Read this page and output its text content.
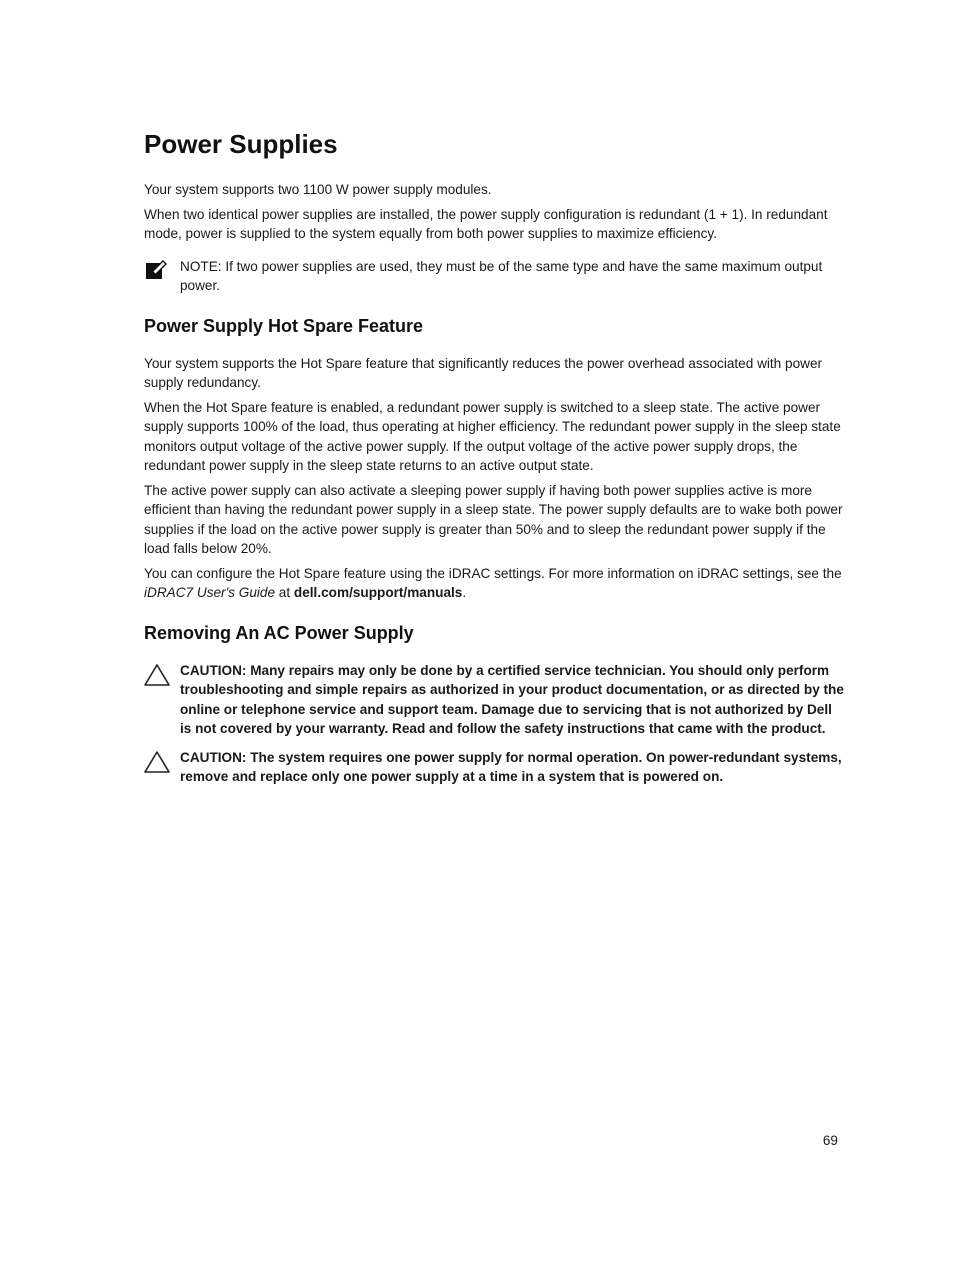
Power Supplies

Your system supports two 1100 W power supply modules.

When two identical power supplies are installed, the power supply configuration is redundant (1 + 1). In redundant mode, power is supplied to the system equally from both power supplies to maximize efficiency.

NOTE: If two power supplies are used, they must be of the same type and have the same maximum output power.

Power Supply Hot Spare Feature

Your system supports the Hot Spare feature that significantly reduces the power overhead associated with power supply redundancy.

When the Hot Spare feature is enabled, a redundant power supply is switched to a sleep state. The active power supply supports 100% of the load, thus operating at higher efficiency. The redundant power supply in the sleep state monitors output voltage of the active power supply. If the output voltage of the active power supply drops, the redundant power supply in the sleep state returns to an active output state.

The active power supply can also activate a sleeping power supply if having both power supplies active is more efficient than having the redundant power supply in a sleep state. The power supply defaults are to wake both power supplies if the load on the active power supply is greater than 50% and to sleep the redundant power supply if the load falls below 20%.

You can configure the Hot Spare feature using the iDRAC settings. For more information on iDRAC settings, see the iDRAC7 User's Guide at dell.com/support/manuals.

Removing An AC Power Supply

CAUTION: Many repairs may only be done by a certified service technician. You should only perform troubleshooting and simple repairs as authorized in your product documentation, or as directed by the online or telephone service and support team. Damage due to servicing that is not authorized by Dell is not covered by your warranty. Read and follow the safety instructions that came with the product.

CAUTION: The system requires one power supply for normal operation. On power-redundant systems, remove and replace only one power supply at a time in a system that is powered on.

69
